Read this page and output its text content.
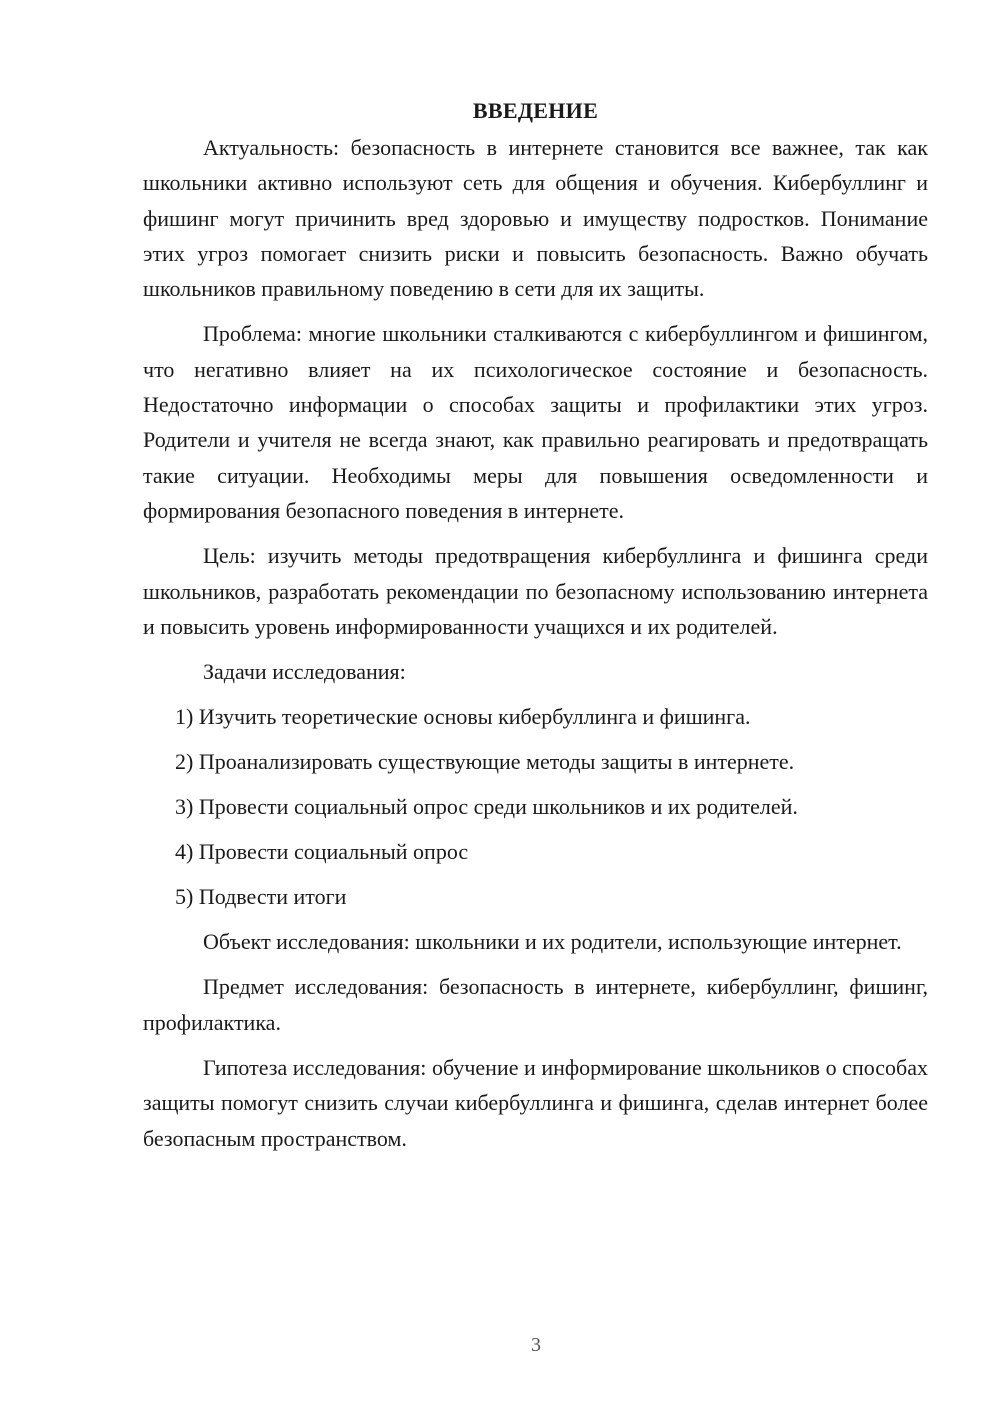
ВВЕДЕНИЕ

Актуальность: безопасность в интернете становится все важнее, так как школьники активно используют сеть для общения и обучения. Кибербуллинг и фишинг могут причинить вред здоровью и имуществу подростков. Понимание этих угроз помогает снизить риски и повысить безопасность. Важно обучать школьников правильному поведению в сети для их защиты.

Проблема: многие школьники сталкиваются с кибербуллингом и фишингом, что негативно влияет на их психологическое состояние и безопасность. Недостаточно информации о способах защиты и профилактики этих угроз. Родители и учителя не всегда знают, как правильно реагировать и предотвращать такие ситуации. Необходимы меры для повышения осведомленности и формирования безопасного поведения в интернете.

Цель: изучить методы предотвращения кибербуллинга и фишинга среди школьников, разработать рекомендации по безопасному использованию интернета и повысить уровень информированности учащихся и их родителей.

Задачи исследования:

1) Изучить теоретические основы кибербуллинга и фишинга.
2) Проанализировать существующие методы защиты в интернете.
3) Провести социальный опрос среди школьников и их родителей.
4) Провести социальный опрос
5) Подвести итоги

Объект исследования: школьники и их родители, использующие интернет.

Предмет исследования: безопасность в интернете, кибербуллинг, фишинг, профилактика.

Гипотеза исследования: обучение и информирование школьников о способах защиты помогут снизить случаи кибербуллинга и фишинга, сделав интернет более безопасным пространством.

3
